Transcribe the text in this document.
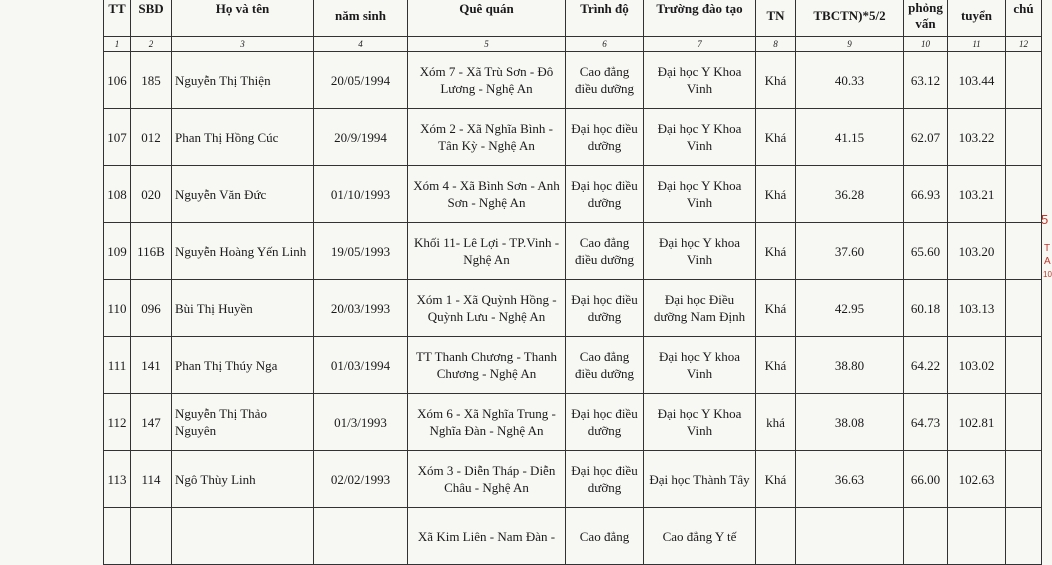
TT	SBD	Họ và tên	năm sinh	Quê quán	Trình độ	Trường đào tạo	TN	TBCTN)*5/2	phỏng vấn	tuyển	chú

1	2	3	4	5	6	7	8	9	10	11	12
106	185	Nguyễn Thị Thiện	20/05/1994	Xóm 7 - Xã Trù Sơn - Đô Lương - Nghệ An	Cao đẳng điều dưỡng	Đại học Y Khoa Vinh	Khá	40.33	63.12	103.44	
107	012	Phan Thị Hồng Cúc	20/9/1994	Xóm 2 - Xã Nghĩa Bình - Tân Kỳ - Nghệ An	Đại học điều dưỡng	Đại học Y Khoa Vinh	Khá	41.15	62.07	103.22	
108	020	Nguyễn Văn Đức	01/10/1993	Xóm 4 - Xã Bình Sơn - Anh Sơn - Nghệ An	Đại học điều dưỡng	Đại học Y Khoa Vinh	Khá	36.28	66.93	103.21	
109	116B	Nguyễn Hoàng Yến Linh	19/05/1993	Khối 11- Lê Lợi - TP.Vinh - Nghệ An	Cao đẳng điều dưỡng	Đại học Y khoa Vinh	Khá	37.60	65.60	103.20	
110	096	Bùi Thị Huyền	20/03/1993	Xóm 1 - Xã Quỳnh Hồng - Quỳnh Lưu - Nghệ An	Đại học điều dưỡng	Đại học Điều dưỡng Nam Định	Khá	42.95	60.18	103.13	
111	141	Phan Thị Thúy Nga	01/03/1994	TT Thanh Chương - Thanh Chương - Nghệ An	Cao đẳng điều dưỡng	Đại học Y khoa Vinh	Khá	38.80	64.22	103.02	
112	147	Nguyễn Thị Thảo Nguyên	01/3/1993	Xóm 6 - Xã Nghĩa Trung - Nghĩa Đàn - Nghệ An	Đại học điều dưỡng	Đại học Y Khoa Vinh	khá	38.08	64.73	102.81	
113	114	Ngô Thùy Linh	02/02/1993	Xóm 3 - Diễn Tháp - Diễn Châu - Nghệ An	Đại học điều dưỡng	Đại học Thành Tây	Khá	36.63	66.00	102.63	
				Xã Kim Liên - Nam Đàn -	Cao đẳng	Cao đẳng Y tế					
5
T
A
10
